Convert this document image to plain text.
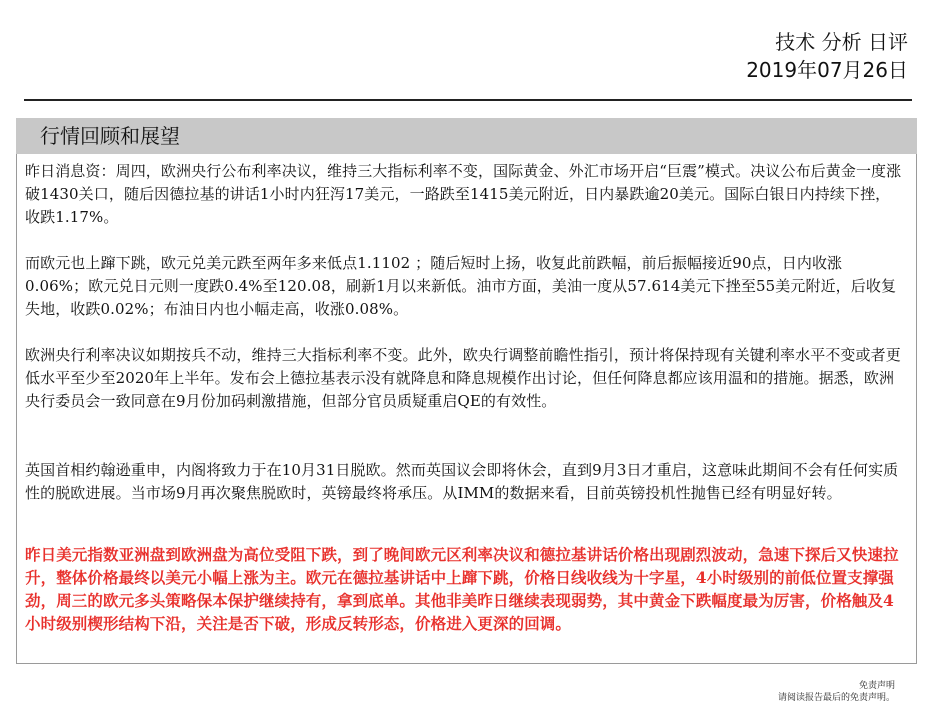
技术 分析 日评
2019年07月26日
行情回顾和展望

昨日消息资：周四，欧洲央行公布利率决议，维持三大指标利率不变，国际黄金、外汇市场开启“巨震”模式。决议公布后黄金一度涨破1430关口，随后因德拉基的讲话1小时内狂泻17美元，一路跌至1415美元附近，日内暴跌逾20美元。国际白银日内持续下挫，收跌1.17%。

而欧元也上蹿下跳，欧元兑美元跌至两年多来低点1.1102 ；随后短时上扬，收复此前跌幅，前后振幅接近90点，日内收涨0.06%；欧元兑日元则一度跌0.4%至120.08，刷新1月以来新低。油市方面，美油一度从57.614美元下挫至55美元附近，后收复失地，收跌0.02%；布油日内也小幅走高，收涨0.08%。

欧洲央行利率决议如期按兵不动，维持三大指标利率不变。此外，欧央行调整前瞻性指引，预计将保持现有关键利率水平不变或者更低水平至少至2020年上半年。发布会上德拉基表示没有就降息和降息规模作出讨论，但任何降息都应该用温和的措施。据悉，欧洲央行委员会一致同意在9月份加码刺激措施，但部分官员质疑重启QE的有效性。

英国首相约翰逊重申，内阁将致力于在10月31日脱欧。然而英国议会即将休会，直到9月3日才重启，这意味此期间不会有任何实质性的脱欧进展。当市场9月再次聚焦脱欧时，英镑最终将承压。从IMM的数据来看，目前英镑投机性抛售已经有明显好转。

昨日美元指数亚洲盘到欧洲盘为高位受阻下跌，到了晚间欧元区利率决议和德拉基讲话价格出现剧烈波动，急速下探后又快速拉升，整体价格最终以美元小幅上涨为主。欧元在德拉基讲话中上蹿下跳，价格日线收线为十字星，4小时级别的前低位置支撑强劲，周三的欧元多头策略保本保护继续持有，拿到底单。其他非美昨日继续表现弱势，其中黄金下跌幅度最为厉害，价格触及4小时级别楔形结构下沿，关注是否下破，形成反转形态，价格进入更深的回调。

免责声明
请阅读报告最后的免责声明。
